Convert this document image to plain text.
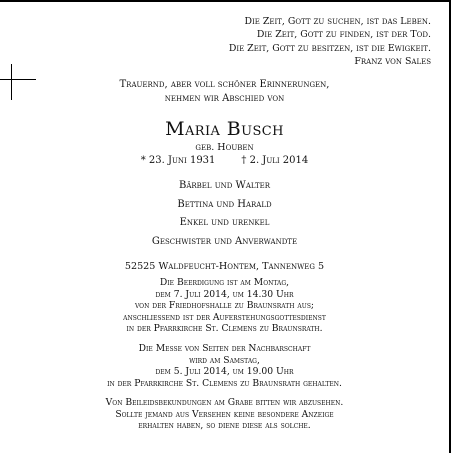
Die Zeit, Gott zu suchen, ist das Leben.
Die Zeit, Gott zu finden, ist der Tod.
Die Zeit, Gott zu besitzen, ist die Ewigkeit.
Franz von Sales
Trauernd, aber voll schöner Erinnerungen,
nehmen wir Abschied von
Maria Busch
geb. Houben
* 23. Juni 1931	† 2. Juli 2014
Bärbel und Walter
Bettina und Harald
Enkel und urenkel
Geschwister und Anverwandte
52525 Waldfeucht-Hontem, Tannenweg 5
Die Beerdigung ist am Montag,
dem 7. Juli 2014, um 14.30 Uhr
von der Friedhofshalle zu Braunsrath aus;
anschliessend ist der Auferstehungsgottesdienst
in der Pfarrkirche St. Clemens zu Braunsrath.
Die Messe von Seiten der Nachbarschaft
wird am Samstag,
dem 5. Juli 2014, um 19.00 Uhr
in der Pfarrkirche St. Clemens zu Braunsrath gehalten.
Von Beileidsbekundungen am Grabe bitten wir abzusehen.
Sollte jemand aus Versehen keine besondere Anzeige
erhalten haben, so diene diese als solche.
